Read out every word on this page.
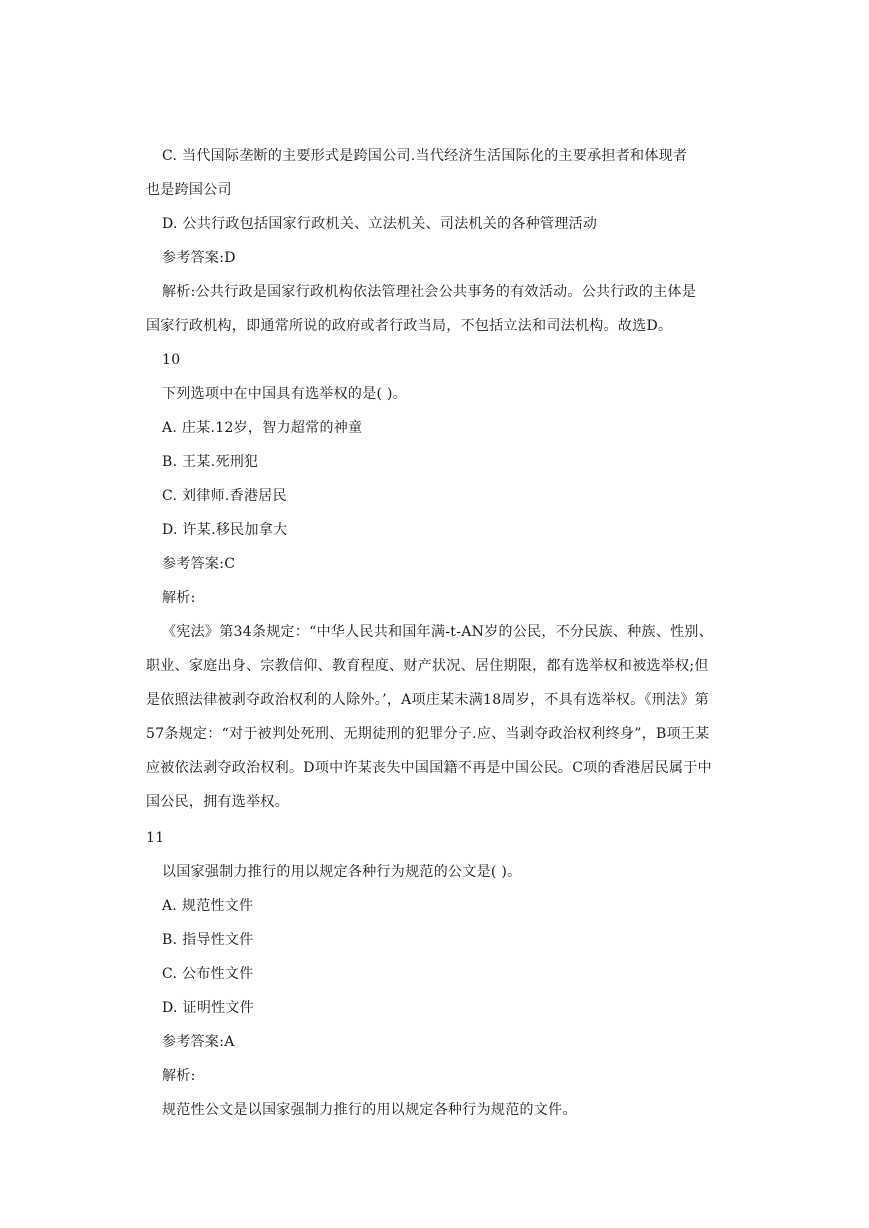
C. 当代国际垄断的主要形式是跨国公司.当代经济生活国际化的主要承担者和体现者
也是跨国公司
D. 公共行政包括国家行政机关、立法机关、司法机关的各种管理活动
参考答案:D
解析:公共行政是国家行政机构依法管理社会公共事务的有效活动。公共行政的主体是
国家行政机构，即通常所说的政府或者行政当局，不包括立法和司法机构。故选D。
10
下列选项中在中国具有选举权的是( )。
A. 庄某.12岁，智力超常的神童
B. 王某.死刑犯
C. 刘律师.香港居民
D. 许某.移民加拿大
参考答案:C
解析:
《宪法》第34条规定：“中华人民共和国年满-t-AN岁的公民，不分民族、种族、性别、
职业、家庭出身、宗教信仰、教育程度、财产状况、居住期限，都有选举权和被选举权;但
是依照法律被剥夺政治权利的人除外。’，A项庄某未满18周岁，不具有选举权。《刑法》第
57条规定：“对于被判处死刑、无期徒刑的犯罪分子.应、当剥夺政治权利终身”，B项王某
应被依法剥夺政治权利。D项中许某丧失中国国籍不再是中国公民。C项的香港居民属于中
国公民，拥有选举权。
11
以国家强制力推行的用以规定各种行为规范的公文是( )。
A. 规范性文件
B. 指导性文件
C. 公布性文件
D. 证明性文件
参考答案:A
解析:
规范性公文是以国家强制力推行的用以规定各种行为规范的文件。
